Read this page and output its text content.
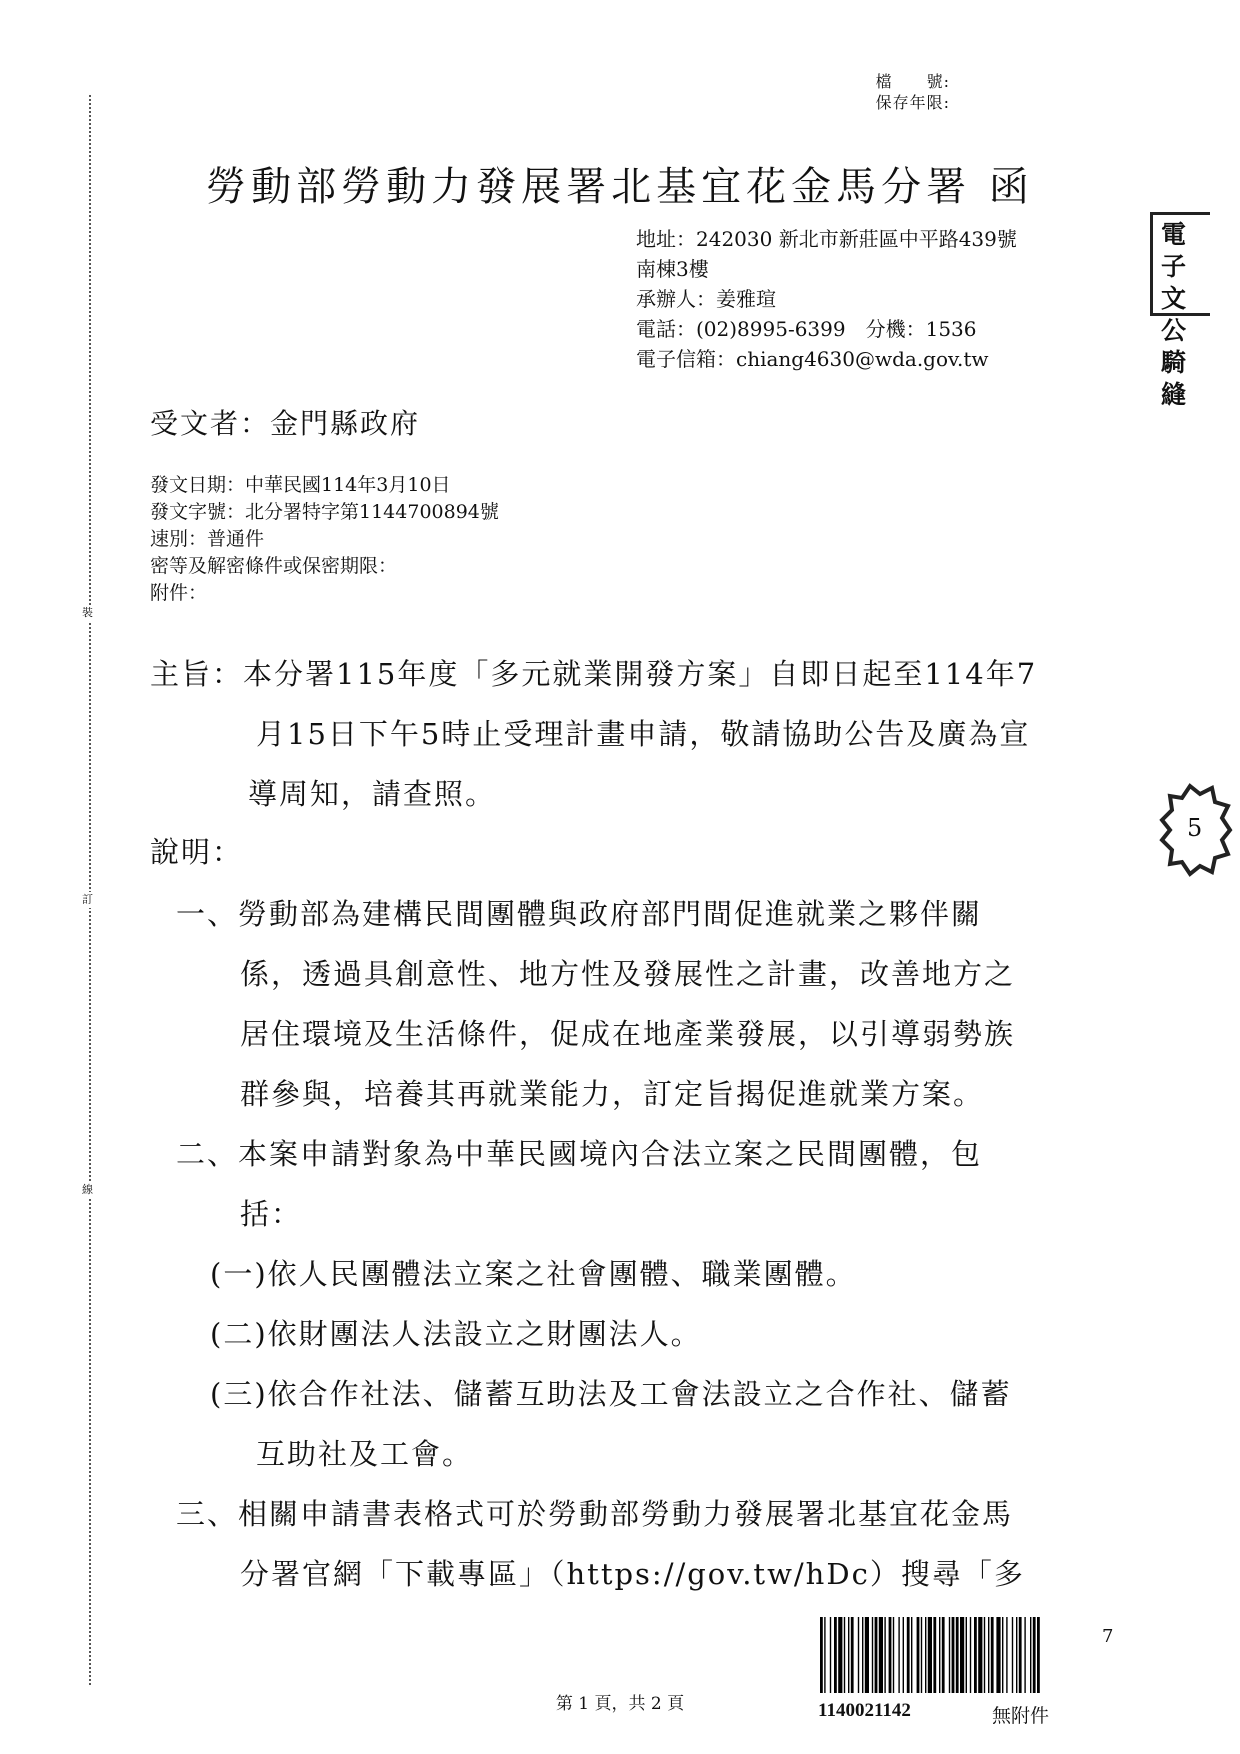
裝
訂
線
檔　　號:
保存年限:
勞動部勞動力發展署北基宜花金馬分署 函
地址：242030 新北市新莊區中平路439號
南棟3樓
承辦人：姜雅瑄
電話：(02)8995-6399　分機：1536
電子信箱：chiang4630@wda.gov.tw
電子
文公
騎縫
受文者：金門縣政府
發文日期：中華民國114年3月10日
發文字號：北分署特字第1144700894號
速別：普通件
密等及解密條件或保密期限：
附件：
主旨：本分署115年度「多元就業開發方案」自即日起至114年7
月15日下午5時止受理計畫申請，敬請協助公告及廣為宣
導周知，請查照。
說明：
一、勞動部為建構民間團體與政府部門間促進就業之夥伴關
係，透過具創意性、地方性及發展性之計畫，改善地方之
居住環境及生活條件，促成在地產業發展，以引導弱勢族
群參與，培養其再就業能力，訂定旨揭促進就業方案。
二、本案申請對象為中華民國境內合法立案之民間團體，包
括：
(一)依人民團體法立案之社會團體、職業團體。
(二)依財團法人法設立之財團法人。
(三)依合作社法、儲蓄互助法及工會法設立之合作社、儲蓄
互助社及工會。
三、相關申請書表格式可於勞動部勞動力發展署北基宜花金馬
分署官網「下載專區」（https://gov.tw/hDc）搜尋「多
5
7
第 1 頁，共 2 頁	1140021142	無附件
